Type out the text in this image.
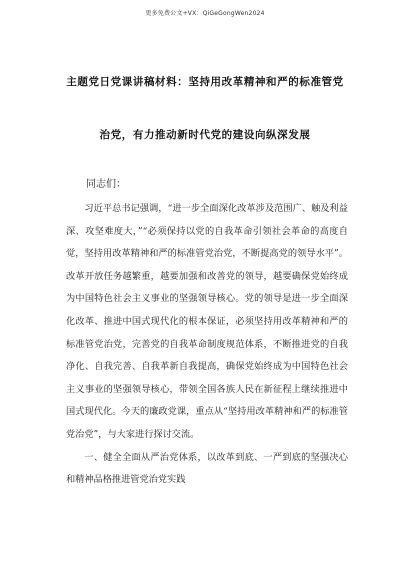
更多免费公文+VX：QiGeGongWen2024
主题党日党课讲稿材料：坚持用改革精神和严的标准管党
治党，有力推动新时代党的建设向纵深发展
同志们：

习近平总书记强调，“进一步全面深化改革涉及范围广、触及利益深、攻坚难度大，”“必须保持以党的自我革命引领社会革命的高度自觉，坚持用改革精神和严的标准管党治党，不断提高党的领导水平”。改革开放任务越繁重，越要加强和改善党的领导，越要确保党始终成为中国特色社会主义事业的坚强领导核心。党的领导是进一步全面深化改革、推进中国式现代化的根本保证，必须坚持用改革精神和严的标准管党治党，完善党的自我革命制度规范体系，不断推进党的自我净化、自我完善、自我革新自我提高，确保党始终成为中国特色社会主义事业的坚强领导核心，带领全国各族人民在新征程上继续推进中国式现代化。今天的廉政党课，重点从“坚持用改革精神和严的标准管党治党”，与大家进行探讨交流。

一、健全全面从严治党体系，以改革到底、一严到底的坚强决心和精神品格推进管党治党实践
